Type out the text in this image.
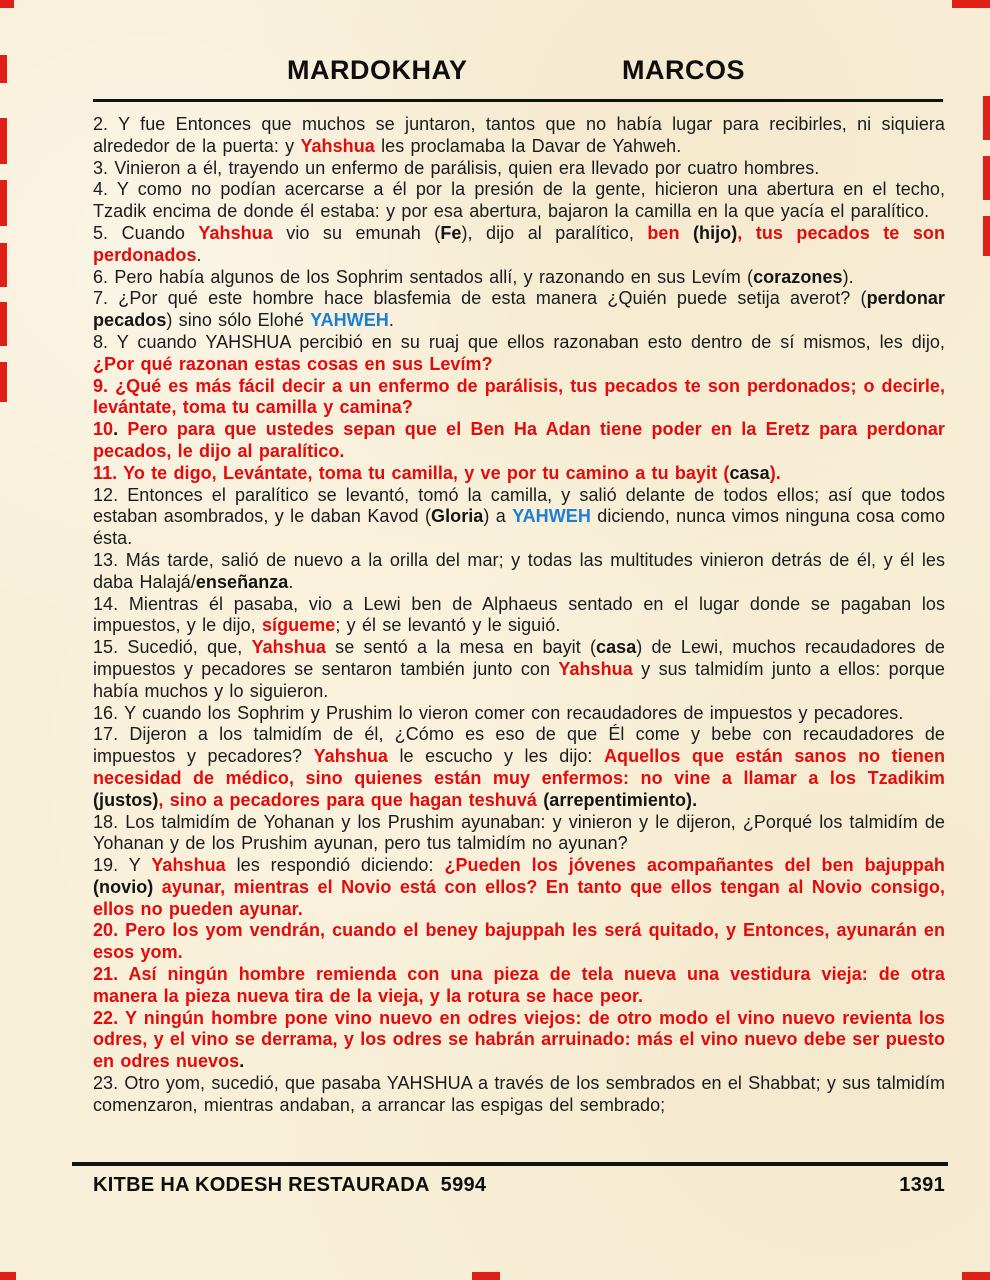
MARDOKHAY	MARCOS

2. Y fue Entonces que muchos se juntaron, tantos que no había lugar para recibirles, ni siquiera alrededor de la puerta: y Yahshua les proclamaba la Davar de Yahweh.

3. Vinieron a él, trayendo un enfermo de parálisis, quien era llevado por cuatro hombres.

4. Y como no podían acercarse a él por la presión de la gente, hicieron una abertura en el techo, Tzadik encima de donde él estaba: y por esa abertura, bajaron la camilla en la que yacía el paralítico.

5. Cuando Yahshua vio su emunah (Fe), dijo al paralítico, ben (hijo), tus pecados te son perdonados.

6. Pero había algunos de los Sophrim sentados allí, y razonando en sus Levím (corazones).

7. ¿Por qué este hombre hace blasfemia de esta manera ¿Quién puede setija averot? (perdonar pecados) sino sólo Elohé YAHWEH.

8. Y cuando YAHSHUA percibió en su ruaj que ellos razonaban esto dentro de sí mismos, les dijo, ¿Por qué razonan estas cosas en sus Levím?

9. ¿Qué es más fácil decir a un enfermo de parálisis, tus pecados te son perdonados; o decirle, levántate, toma tu camilla y camina?

10. Pero para que ustedes sepan que el Ben Ha Adan tiene poder en la Eretz para perdonar pecados, le dijo al paralítico.

11. Yo te digo, Levántate, toma tu camilla, y ve por tu camino a tu bayit (casa).

12. Entonces el paralítico se levantó, tomó la camilla, y salió delante de todos ellos; así que todos estaban asombrados, y le daban Kavod (Gloria) a YAHWEH diciendo, nunca vimos ninguna cosa como ésta.

13. Más tarde, salió de nuevo a la orilla del mar; y todas las multitudes vinieron detrás de él, y él les daba Halajá/enseñanza.

14. Mientras él pasaba, vio a Lewi ben de Alphaeus sentado en el lugar donde se pagaban los impuestos, y le dijo, sígueme; y él se levantó y le siguió.

15. Sucedió, que, Yahshua se sentó a la mesa en bayit (casa) de Lewi, muchos recaudadores de impuestos y pecadores se sentaron también junto con Yahshua y sus talmidím junto a ellos: porque había muchos y lo siguieron.

16. Y cuando los Sophrim y Prushim lo vieron comer con recaudadores de impuestos y pecadores.

17. Dijeron a los talmidím de él, ¿Cómo es eso de que Él come y bebe con recaudadores de impuestos y pecadores? Yahshua le escucho y les dijo: Aquellos que están sanos no tienen necesidad de médico, sino quienes están muy enfermos: no vine a llamar a los Tzadikim (justos), sino a pecadores para que hagan teshuvá (arrepentimiento).

18. Los talmidím de Yohanan y los Prushim ayunaban: y vinieron y le dijeron, ¿Porqué los talmidím de Yohanan y de los Prushim ayunan, pero tus talmidím no ayunan?

19. Y Yahshua les respondió diciendo: ¿Pueden los jóvenes acompañantes del ben bajuppah (novio) ayunar, mientras el Novio está con ellos? En tanto que ellos tengan al Novio consigo, ellos no pueden ayunar.

20. Pero los yom vendrán, cuando el beney bajuppah les será quitado, y Entonces, ayunarán en esos yom.

21. Así ningún hombre remienda con una pieza de tela nueva una vestidura vieja: de otra manera la pieza nueva tira de la vieja, y la rotura se hace peor.

22. Y ningún hombre pone vino nuevo en odres viejos: de otro modo el vino nuevo revienta los odres, y el vino se derrama, y los odres se habrán arruinado: más el vino nuevo debe ser puesto en odres nuevos.

23. Otro yom, sucedió, que pasaba YAHSHUA a través de los sembrados en el Shabbat; y sus talmidím comenzaron, mientras andaban, a arrancar las espigas del sembrado;

KITBE HA KODESH RESTAURADA  5994	1391
